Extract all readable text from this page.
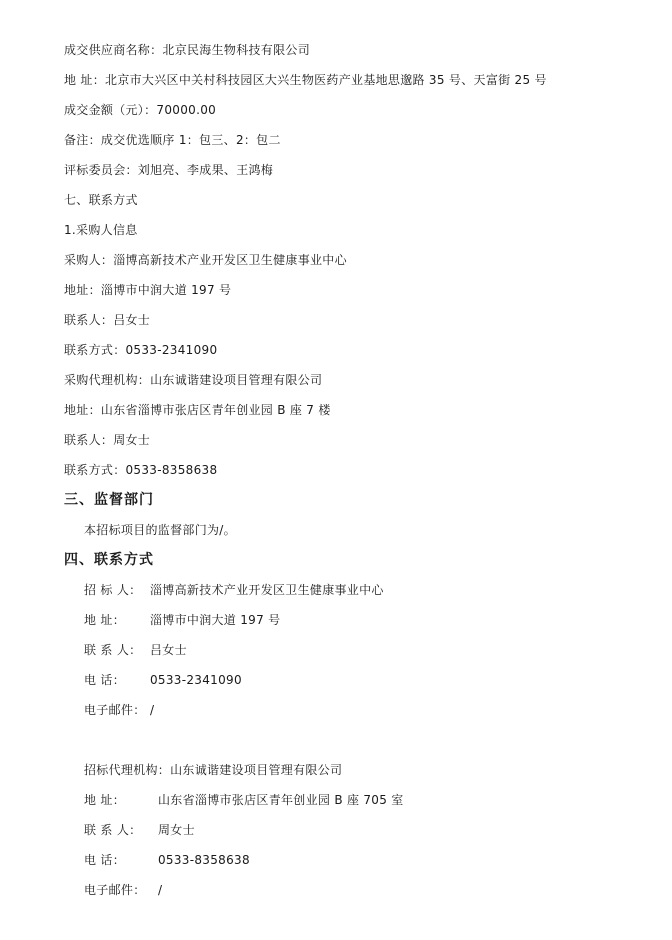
成交供应商名称：北京民海生物科技有限公司
地 址：北京市大兴区中关村科技园区大兴生物医药产业基地思邈路 35 号、天富街 25 号
成交金额（元）：70000.00
备注：成交优选顺序 1：包三、2：包二
评标委员会：刘旭亮、李成果、王鸿梅
七、联系方式
1.采购人信息
采购人：淄博高新技术产业开发区卫生健康事业中心
地址：淄博市中润大道 197 号
联系人：吕女士
联系方式：0533-2341090
采购代理机构：山东诚谐建设项目管理有限公司
地址：山东省淄博市张店区青年创业园 B 座 7 楼
联系人：周女士
联系方式：0533-8358638
三、监督部门
本招标项目的监督部门为/。
四、联系方式
招 标 人： 淄博高新技术产业开发区卫生健康事业中心
地 址： 淄博市中润大道 197 号
联 系 人： 吕女士
电 话： 0533-2341090
电子邮件： /
招标代理机构：山东诚谐建设项目管理有限公司
地 址：	山东省淄博市张店区青年创业园 B 座 705 室
联 系 人： 周女士
电 话：	0533-8358638
电子邮件： /
